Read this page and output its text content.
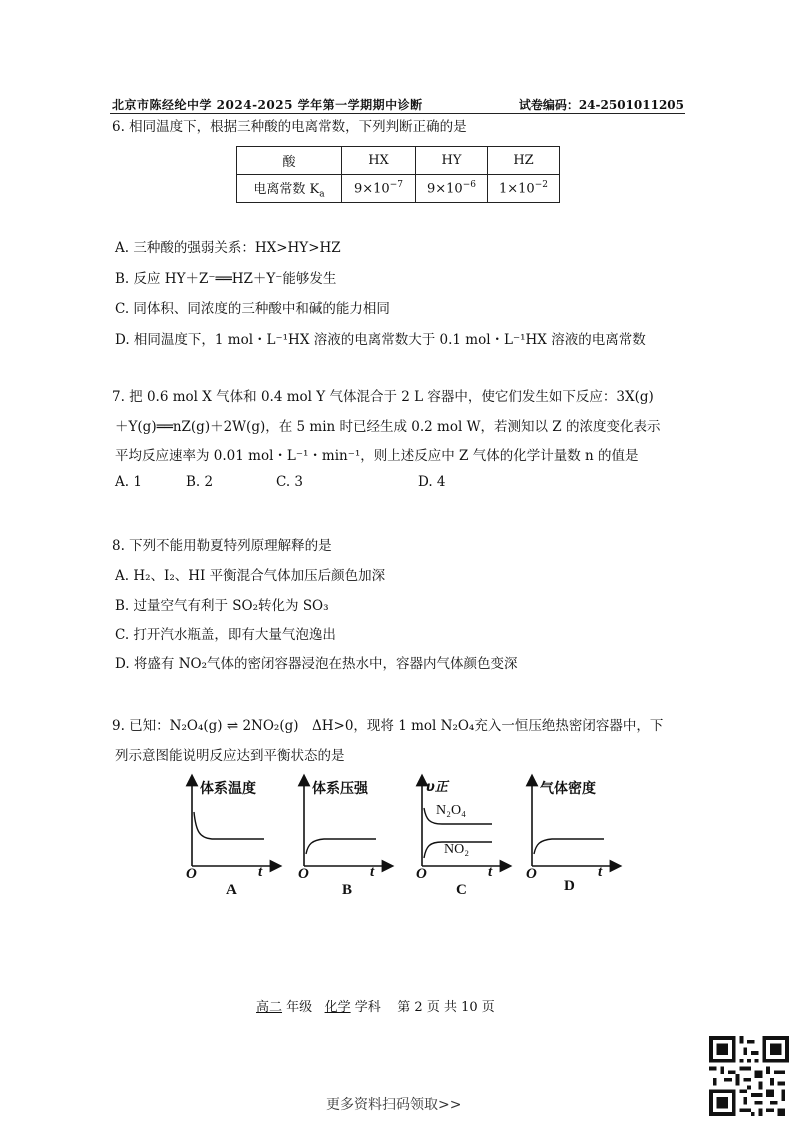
北京市陈经纶中学 2024-2025 学年第一学期期中诊断	试卷编码：24-2501011205
6. 相同温度下，根据三种酸的电离常数，下列判断正确的是
酸	HX	HY	HZ
电离常数 $K_a$	$9\times 10^{-7}$	$9\times 10^{-6}$	$1\times 10^{-2}$
A. 三种酸的强弱关系：HX>HY>HZ
B. 反应 HY＋Z⁻══HZ＋Y⁻能够发生
C. 同体积、同浓度的三种酸中和碱的能力相同
D. 相同温度下，1 mol・L⁻¹HX 溶液的电离常数大于 0.1 mol・L⁻¹HX 溶液的电离常数
7. 把 0.6 mol X 气体和 0.4 mol Y 气体混合于 2 L 容器中，使它们发生如下反应：3X(g)
＋Y(g)══nZ(g)＋2W(g)，在 5 min 时已经生成 0.2 mol W，若测知以 Z 的浓度变化表示
平均反应速率为 0.01 mol・L⁻¹・min⁻¹，则上述反应中 Z 气体的化学计量数 n 的值是
A. 1	B. 2	C. 3	D. 4
8. 下列不能用勒夏特列原理解释的是
A. H₂、I₂、HI 平衡混合气体加压后颜色加深
B. 过量空气有利于 SO₂转化为 SO₃
C. 打开汽水瓶盖，即有大量气泡逸出
D. 将盛有 NO₂气体的密闭容器浸泡在热水中，容器内气体颜色变深
9. 已知：N₂O₄(g) ⇌ 2NO₂(g)　ΔH>0，现将 1 mol N₂O₄充入一恒压绝热密闭容器中，下
列示意图能说明反应达到平衡状态的是
体系温度
O	t
A
体系压强
O	t
B
υ正
N₂O₄
NO₂
O	t
C
气体密度
O	t
D
高二 年级 化学 学科 第 2 页 共 10 页
更多资料扫码领取>>
